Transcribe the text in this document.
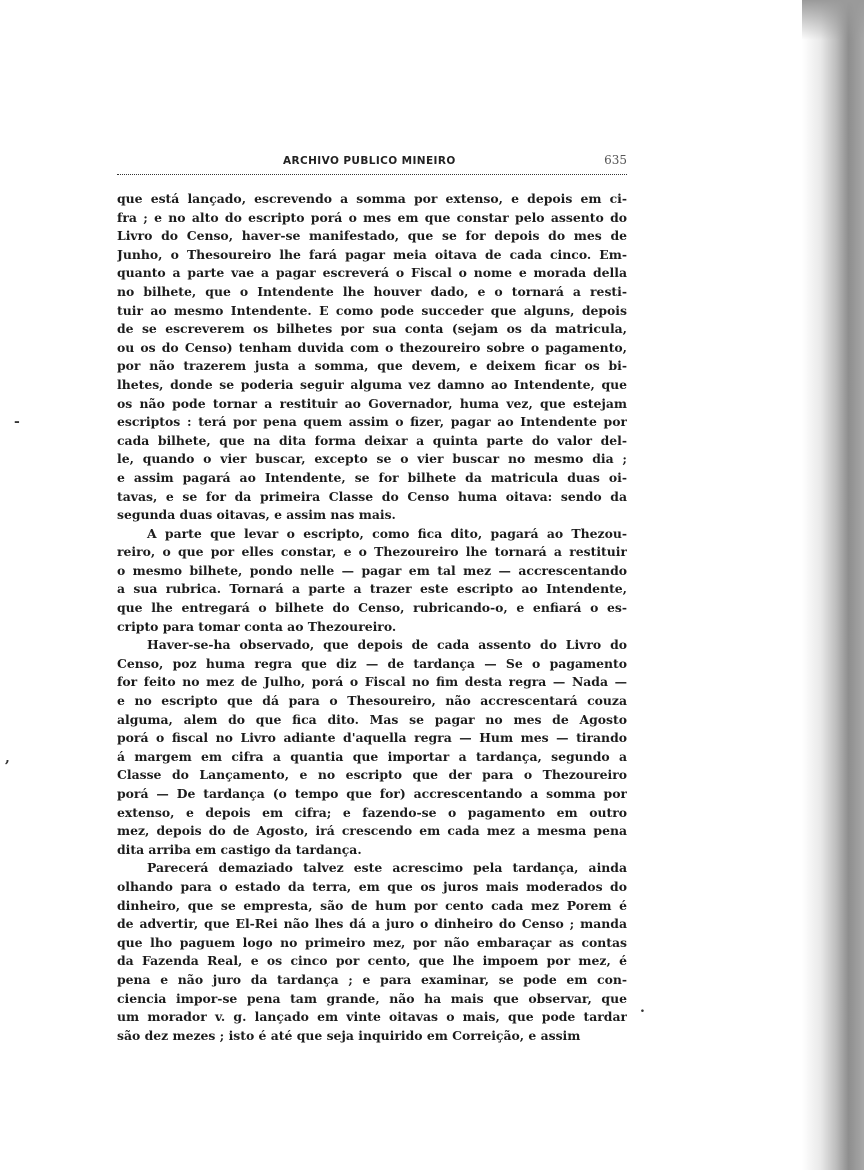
ARCHIVO PUBLICO MINEIRO	635
que está lançado, escrevendo a somma por extenso, e depois em ci-
fra ; e no alto do escripto porá o mes em que constar pelo assento do
Livro do Censo, haver-se manifestado, que se for depois do mes de
Junho, o Thesoureiro lhe fará pagar meia oitava de cada cinco. Em-
quanto a parte vae a pagar escreverá o Fiscal o nome e morada della
no bilhete, que o Intendente lhe houver dado, e o tornará a resti-
tuir ao mesmo Intendente. E como pode succeder que alguns, depois
de se escreverem os bilhetes por sua conta (sejam os da matricula,
ou os do Censo) tenham duvida com o thezoureiro sobre o pagamento,
por não trazerem justa a somma, que devem, e deixem ficar os bi-
lhetes, donde se poderia seguir alguma vez damno ao Intendente, que
os não pode tornar a restituir ao Governador, huma vez, que estejam
escriptos : terá por pena quem assim o fizer, pagar ao Intendente por
cada bilhete, que na dita forma deixar a quinta parte do valor del-
le, quando o vier buscar, excepto se o vier buscar no mesmo dia ;
e assim pagará ao Intendente, se for bilhete da matricula duas oi-
tavas, e se for da primeira Classe do Censo huma oitava: sendo da
segunda duas oitavas, e assim nas mais.
A parte que levar o escripto, como fica dito, pagará ao Thezou-
reiro, o que por elles constar, e o Thezoureiro lhe tornará a restituir
o mesmo bilhete, pondo nelle — pagar em tal mez — accrescentando
a sua rubrica. Tornará a parte a trazer este escripto ao Intendente,
que lhe entregará o bilhete do Censo, rubricando-o, e enfiará o es-
cripto para tomar conta ao Thezoureiro.
Haver-se-ha observado, que depois de cada assento do Livro do
Censo, poz huma regra que diz — de tardança — Se o pagamento
for feito no mez de Julho, porá o Fiscal no fim desta regra — Nada —
e no escripto que dá para o Thesoureiro, não accrescentará couza
alguma, alem do que fica dito. Mas se pagar no mes de Agosto
porá o fiscal no Livro adiante d'aquella regra — Hum mes — tirando
á margem em cifra a quantia que importar a tardança, segundo a
Classe do Lançamento, e no escripto que der para o Thezoureiro
porá — De tardança (o tempo que for) accrescentando a somma por
extenso, e depois em cifra; e fazendo-se o pagamento em outro
mez, depois do de Agosto, irá crescendo em cada mez a mesma pena
dita arriba em castigo da tardança.
Parecerá demaziado talvez este acrescimo pela tardança, ainda
olhando para o estado da terra, em que os juros mais moderados do
dinheiro, que se empresta, são de hum por cento cada mez Porem é
de advertir, que El-Rei não lhes dá a juro o dinheiro do Censo ; manda
que lho paguem logo no primeiro mez, por não embaraçar as contas
da Fazenda Real, e os cinco por cento, que lhe impoem por mez, é
pena e não juro da tardança ; e para examinar, se pode em con-
ciencia impor-se pena tam grande, não ha mais que observar, que
um morador v. g. lançado em vinte oitavas o mais, que pode tardar
são dez mezes ; isto é até que seja inquirido em Correição, e assim
-
,
.
